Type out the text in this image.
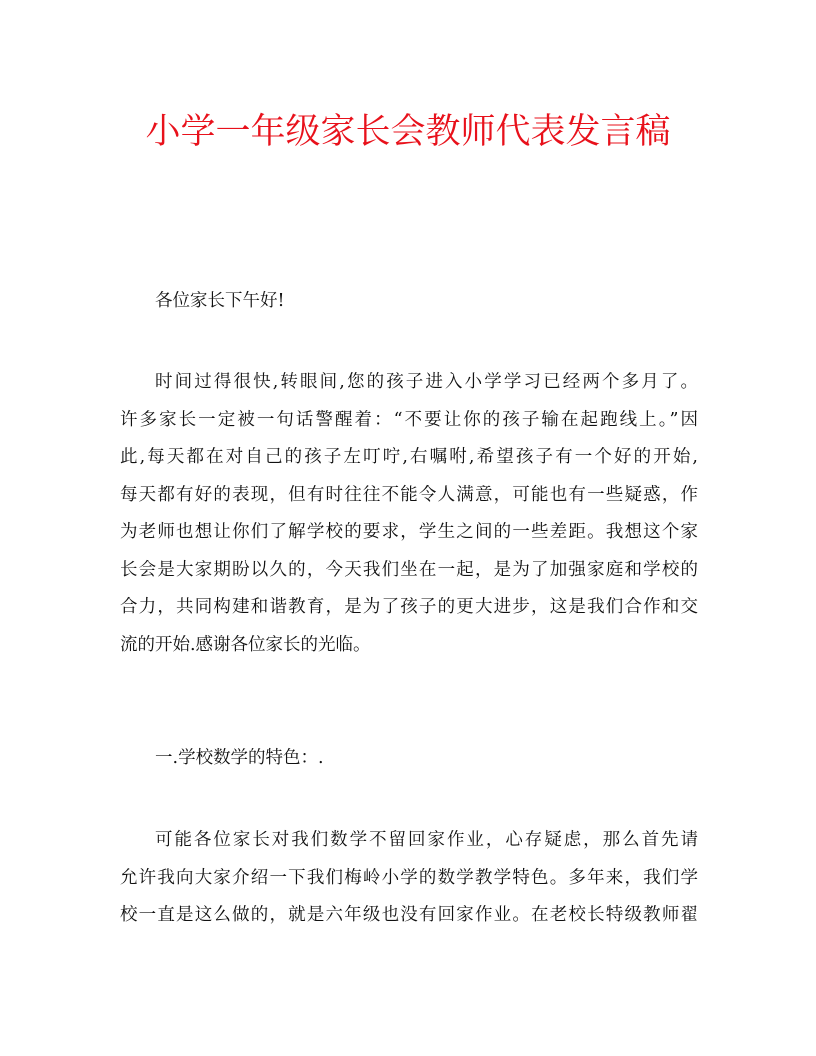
小学一年级家长会教师代表发言稿
各位家长下午好!
时间过得很快,转眼间,您的孩子进入小学学习已经两个多月了。
许多家长一定被一句话警醒着：“不要让你的孩子输在起跑线上。”因
此,每天都在对自己的孩子左叮咛,右嘱咐,希望孩子有一个好的开始,
每天都有好的表现，但有时往往不能令人满意，可能也有一些疑惑，作
为老师也想让你们了解学校的要求，学生之间的一些差距。我想这个家
长会是大家期盼以久的，今天我们坐在一起，是为了加强家庭和学校的
合力，共同构建和谐教育，是为了孩子的更大进步，这是我们合作和交
流的开始.感谢各位家长的光临。
一.学校数学的特色：.
可能各位家长对我们数学不留回家作业，心存疑虑，那么首先请
允许我向大家介绍一下我们梅岭小学的数学教学特色。多年来，我们学
校一直是这么做的，就是六年级也没有回家作业。在老校长特级教师翟
